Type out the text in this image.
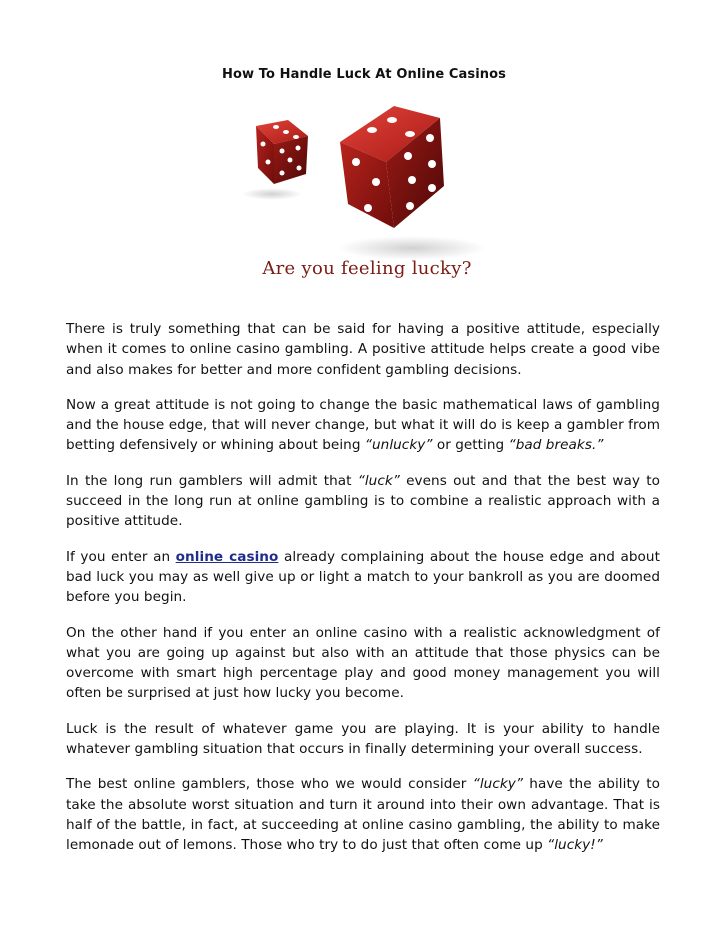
How To Handle Luck At Online Casinos
Are you feeling lucky?

There is truly something that can be said for having a positive attitude, especially when it comes to online casino gambling. A positive attitude helps create a good vibe and also makes for better and more confident gambling decisions.

Now a great attitude is not going to change the basic mathematical laws of gambling and the house edge, that will never change, but what it will do is keep a gambler from betting defensively or whining about being “unlucky” or getting “bad breaks.”

In the long run gamblers will admit that “luck” evens out and that the best way to succeed in the long run at online gambling is to combine a realistic approach with a positive attitude.

If you enter an online casino already complaining about the house edge and about bad luck you may as well give up or light a match to your bankroll as you are doomed before you begin.

On the other hand if you enter an online casino with a realistic acknowledgment of what you are going up against but also with an attitude that those physics can be overcome with smart high percentage play and good money management you will often be surprised at just how lucky you become.

Luck is the result of whatever game you are playing. It is your ability to handle whatever gambling situation that occurs in finally determining your overall success.

The best online gamblers, those who we would consider “lucky” have the ability to take the absolute worst situation and turn it around into their own advantage. That is half of the battle, in fact, at succeeding at online casino gambling, the ability to make lemonade out of lemons. Those who try to do just that often come up “lucky!”
